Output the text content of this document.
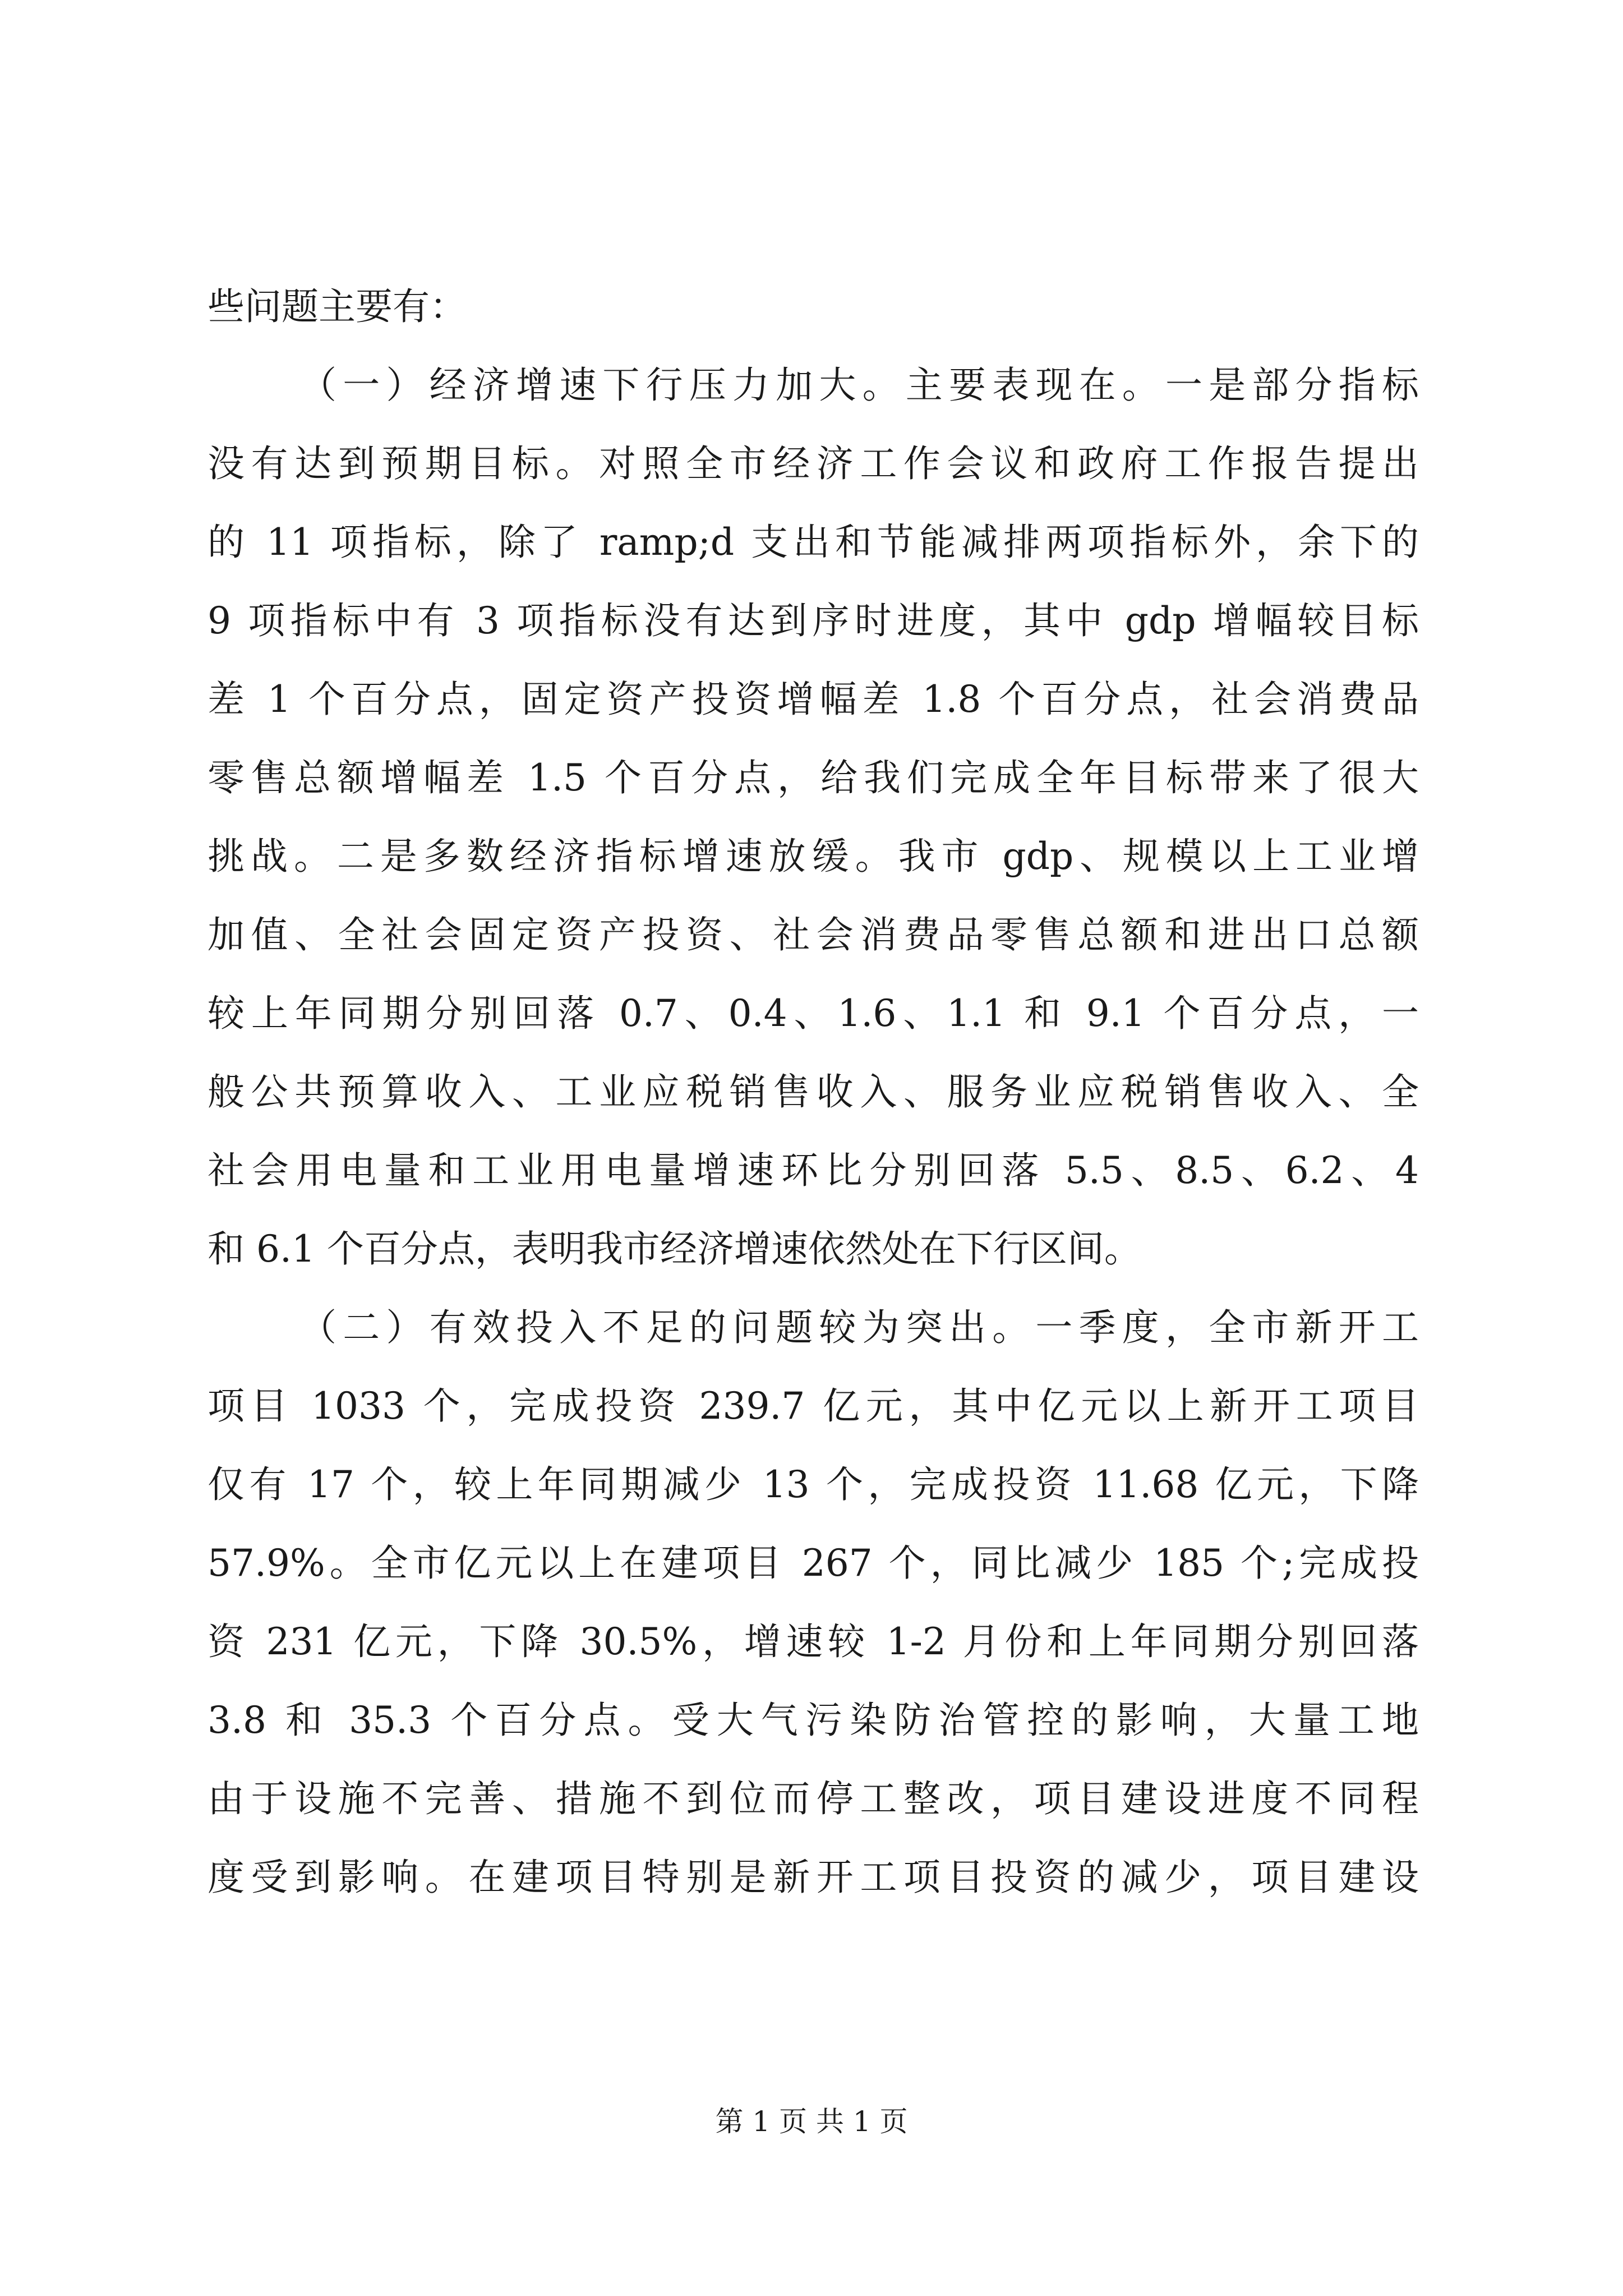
些问题主要有：
（一）经济增速下行压力加大。主要表现在。一是部分指标
没有达到预期目标。对照全市经济工作会议和政府工作报告提出
的 11 项指标，除了 ramp;d 支出和节能减排两项指标外，余下的
9 项指标中有 3 项指标没有达到序时进度，其中 gdp 增幅较目标
差 1 个百分点，固定资产投资增幅差 1.8 个百分点，社会消费品
零售总额增幅差 1.5 个百分点，给我们完成全年目标带来了很大
挑战。二是多数经济指标增速放缓。我市 gdp、规模以上工业增
加值、全社会固定资产投资、社会消费品零售总额和进出口总额
较上年同期分别回落 0.7、0.4、1.6、1.1 和 9.1 个百分点，一
般公共预算收入、工业应税销售收入、服务业应税销售收入、全
社会用电量和工业用电量增速环比分别回落 5.5、8.5、6.2、4
和 6.1 个百分点，表明我市经济增速依然处在下行区间。
（二）有效投入不足的问题较为突出。一季度，全市新开工
项目 1033 个，完成投资 239.7 亿元，其中亿元以上新开工项目
仅有 17 个，较上年同期减少 13 个，完成投资 11.68 亿元，下降
57.9%。全市亿元以上在建项目 267 个，同比减少 185 个;完成投
资 231 亿元，下降 30.5%，增速较 1-2 月份和上年同期分别回落
3.8 和 35.3 个百分点。受大气污染防治管控的影响，大量工地
由于设施不完善、措施不到位而停工整改，项目建设进度不同程
度受到影响。在建项目特别是新开工项目投资的减少，项目建设
第 1 页 共 1 页
